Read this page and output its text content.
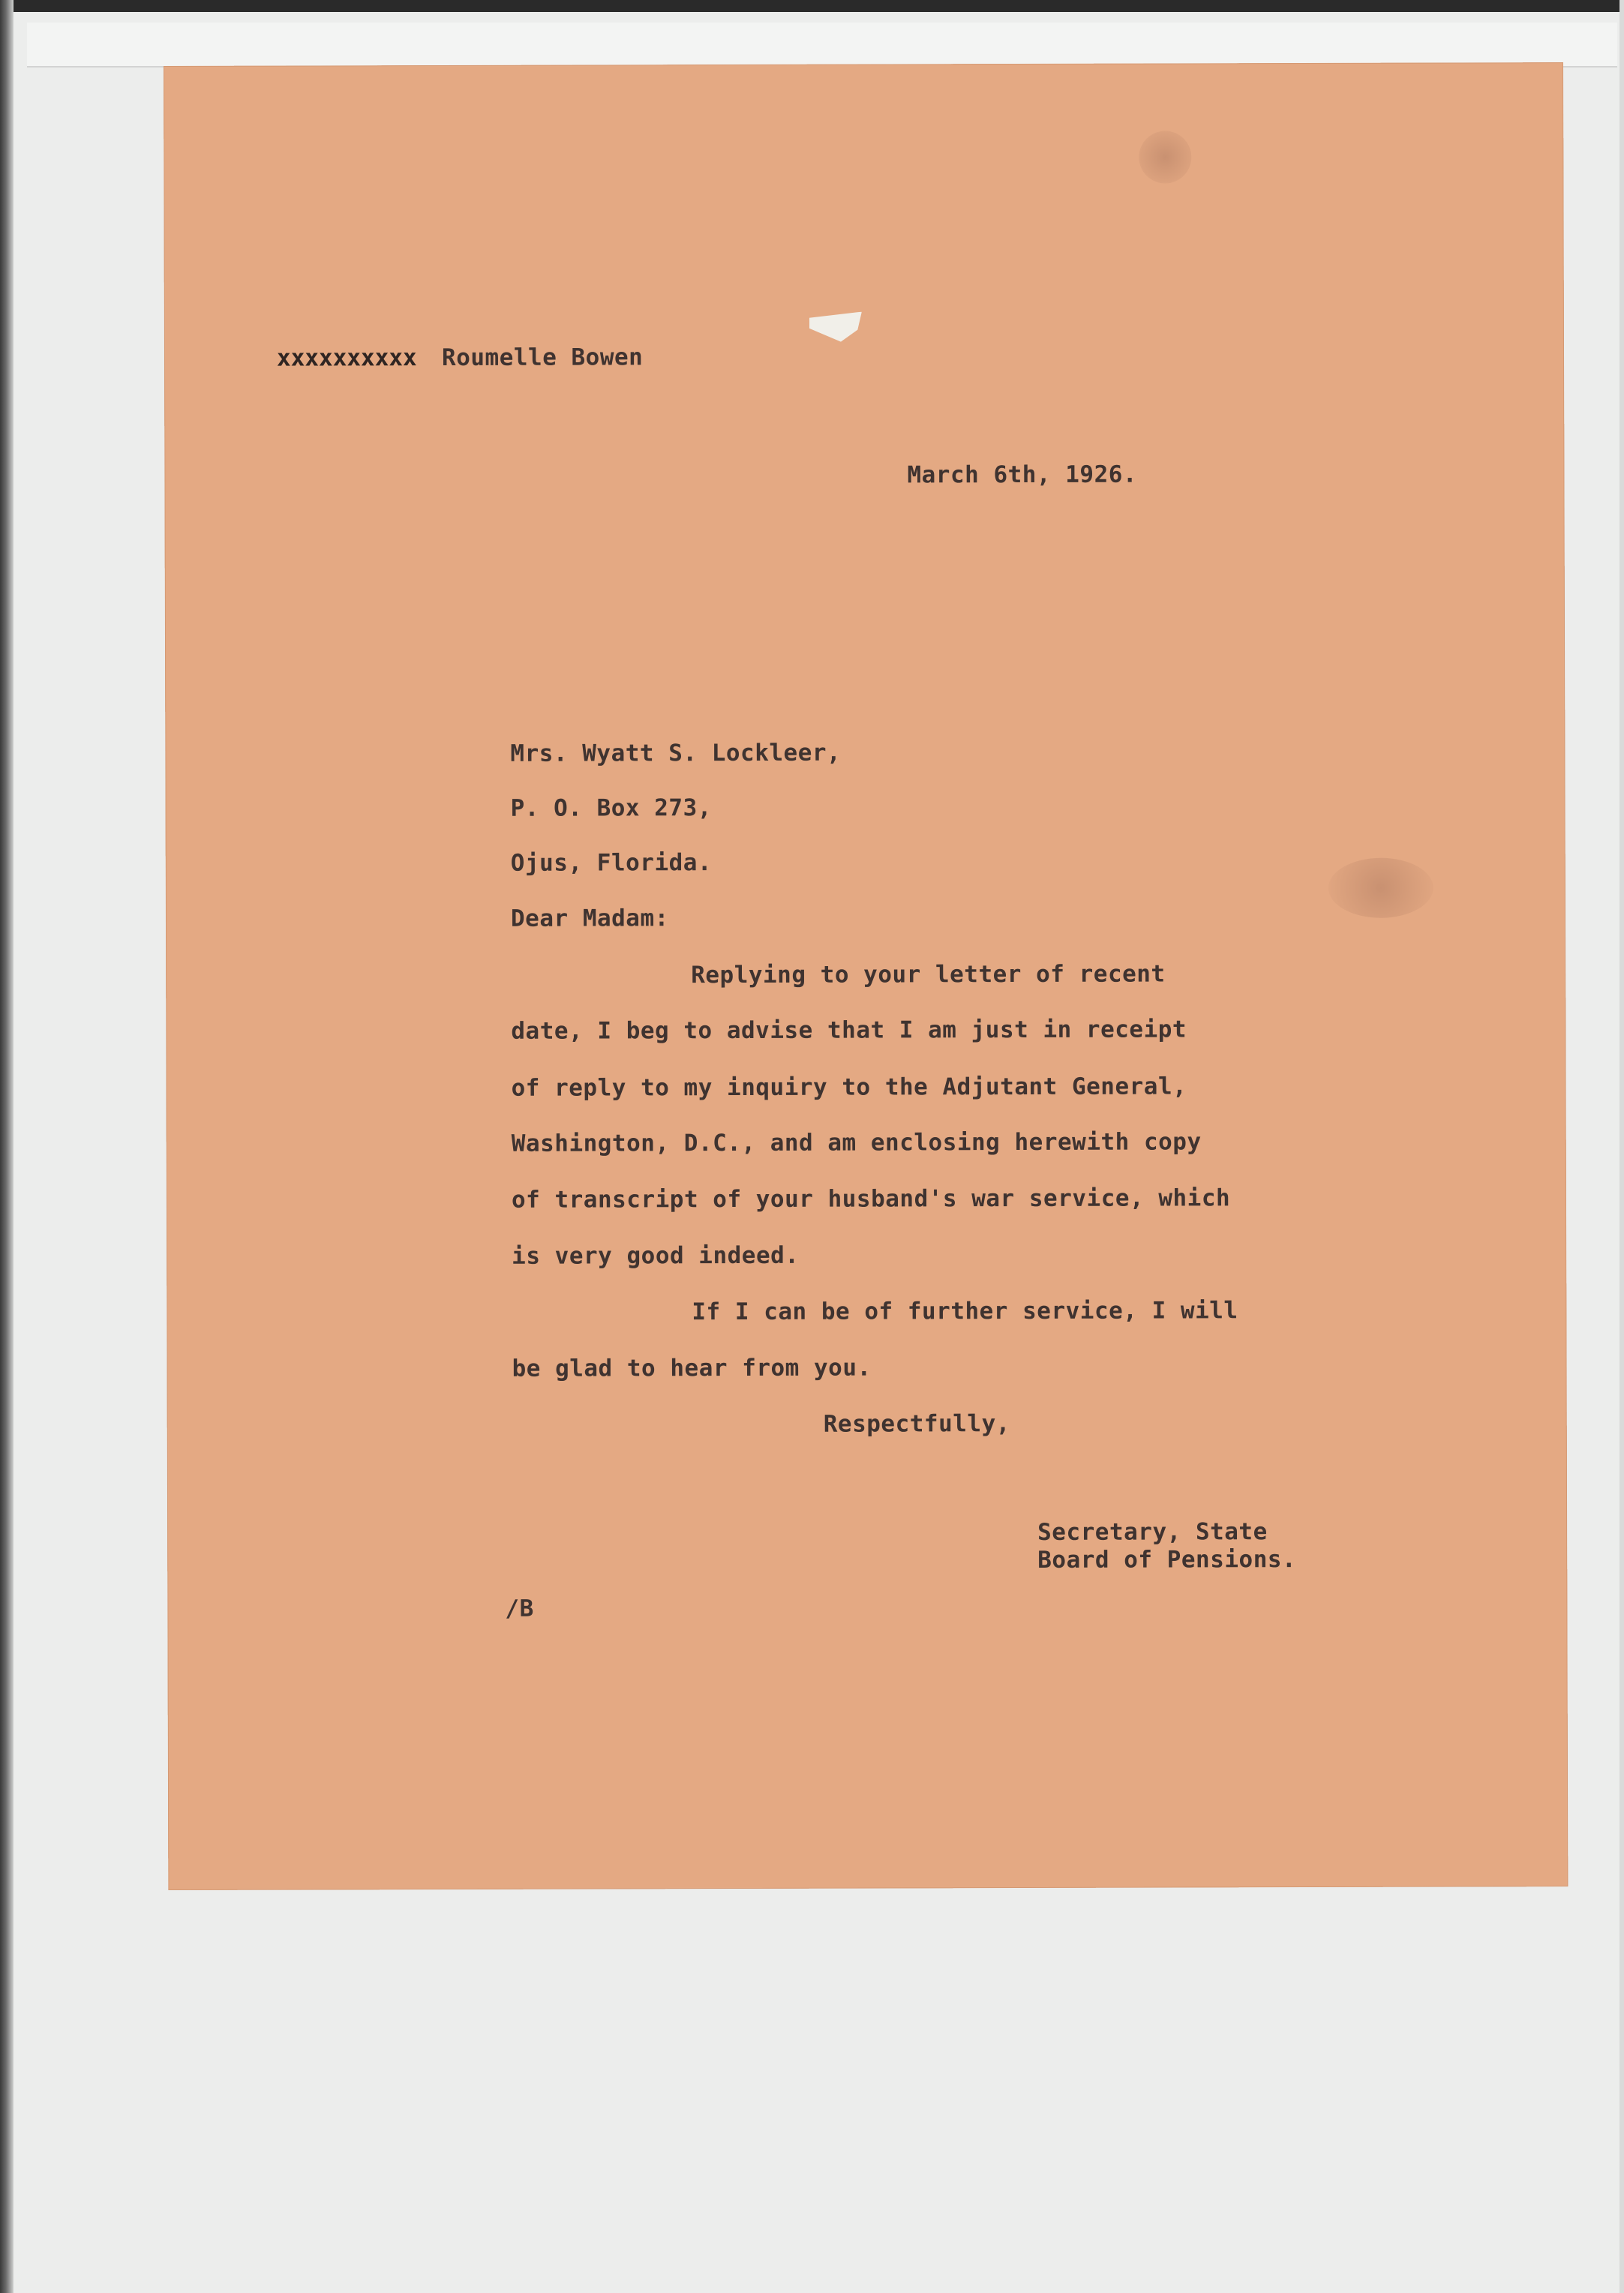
xxxxxxxxxx Roumelle Bowen

March 6th, 1926.

Mrs. Wyatt S. Lockleer,

P. O. Box 273,

Ojus, Florida.

Dear Madam:

Replying to your letter of recent

date, I beg to advise that I am just in receipt

of reply to my inquiry to the Adjutant General,

Washington, D.C., and am enclosing herewith copy

of transcript of your husband's war service, which

is very good indeed.

If I can be of further service, I will

be glad to hear from you.

Respectfully,

Secretary, State

Board of Pensions.

/B
